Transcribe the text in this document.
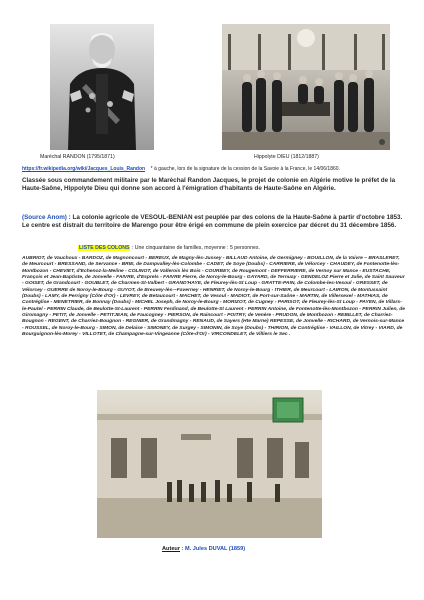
Maréchal RANDON (1795/1871)	Hippolyte DIEU (1812/1887)
https://fr.wikipedia.org/wiki/Jacques_Louis_Randon * à gauche, lors de la signature de la cession de la Savoie à la France, le 14/06/1860.
Classée sous commandement militaire par le Maréchal Randon Jacques, le projet de colonie en Algérie motive le préfet de la Haute-Saône, Hippolyte Dieu qui donne son accord à l'émigration d'habitants de Haute-Saône en Algérie.
(Source Anom) : La colonie agricole de VESOUL-BENIAN est peuplée par des colons de la Haute-Saône à partir d'octobre 1853. Le centre est distrait du territoire de Marengo pour être érigé en commune de plein exercice par décret du 31 décembre 1856.
LISTE DES COLONS : Une cinquantaine de familles, moyenne : 5 personnes.
AUBRIOT, de Vauchoux - BARDOZ, de Magnoncourt - BEREUX, de Magny-lès-Jussey - BILLAUD Antoine, de Germigney - BOUILLON, de la Vaivre – BRASLERET, de Meurcourt - BRESSAND, de Servance - BRIE, de Dampvalley-lès-Colombe - CADET, de Soye (Doubs) - CARRIERE, de Vélorcey - CHAUDEY, de Fontenotte-lès-Montbozon - CHEVIET, d'Echenoz-la-Meline - COLINOT, de Vallerois lès Bois - COURBEY, de Rougemont - DEFFERRIERE, de Vernoy sur Mance - EUSTACHE, François et Jean-Baptiste, de Jonvelle - FAIVRE, d'Esprels - FAIVRE Pierre, de Noroy-le-Bourg - GAYARD, de Ternuay - GENDELOZ Pierre et Julie, de Saint Sauveur - GOISET, de Grandcourt - GOUBLET, de Charmes-St-Valbert - GRAND'HAYE, de Fleurey-lès-St Loup - GRATTE-PAIN, de Colombe-les-Vesoul - GRESSET, de Vélorcey - GUERRE de Noroy-le-Bourg - GUYOT, de Breuvey-lès-~Faverney - HENRIET, de Noroy-le-Bourg - ITHIER, de Meurcourt - LAIRON, de Montussaint (Doubs) - LAMY, de Perrigny (Côte d'Or) - LEVREY, de Betaucourt - MACHET, de Vesoul - MADIOT, de Port-sur-Saône - MARTIN, de Villersexel - MATHIAS, de Contréglise - MENETRIER, de Bonnay (Doubs) - MICHEL Joseph, de Noroy-le-Bourg - MORIZOT, de Cugney - PARISOT, de Fleurey-lès-St Loup - PAYEN, de Villars-le-Pautel - PERRIN Claude, de Beulotte-St-Laurent - PERRIN Ferdinand, de Beulotte-St Laurent - PERRIN Antoine, de Fontenotte-lès-Montbozon - PERRIN Julien, de Giromagny - PETIT, de Jonvelle - PETITJEAN, de Faucogney - PIERSON, de Raincourt - POITRY, de Venère - PRUDON, de Montbozon - REBILLET, de Charriez-Bougnon - REGENT, de Charriez-Bougnon - REGNIER, de Grandmagny - RENAUD, de Sayers (Hte Marne) REPESSE, de Jonvelle - RICHARD, de Vernois-sur-Mance - ROUSSEL, de Noroy-le-Bourg - SIMON, de Delaise - SIMONEY, de Surgey - SIMONIN, de Soye (Doubs) - THIRION, de Contréglise - VAILLON, de Vitrey - VIARD, de Bourguignon-lès-Morey - VILLOTET, de Champagne-sur-Vingeanne (Côte-d'Or) - VIRCONDELET, de Villiers le Sec .
Auteur : M. Jules DUVAL (1859)
